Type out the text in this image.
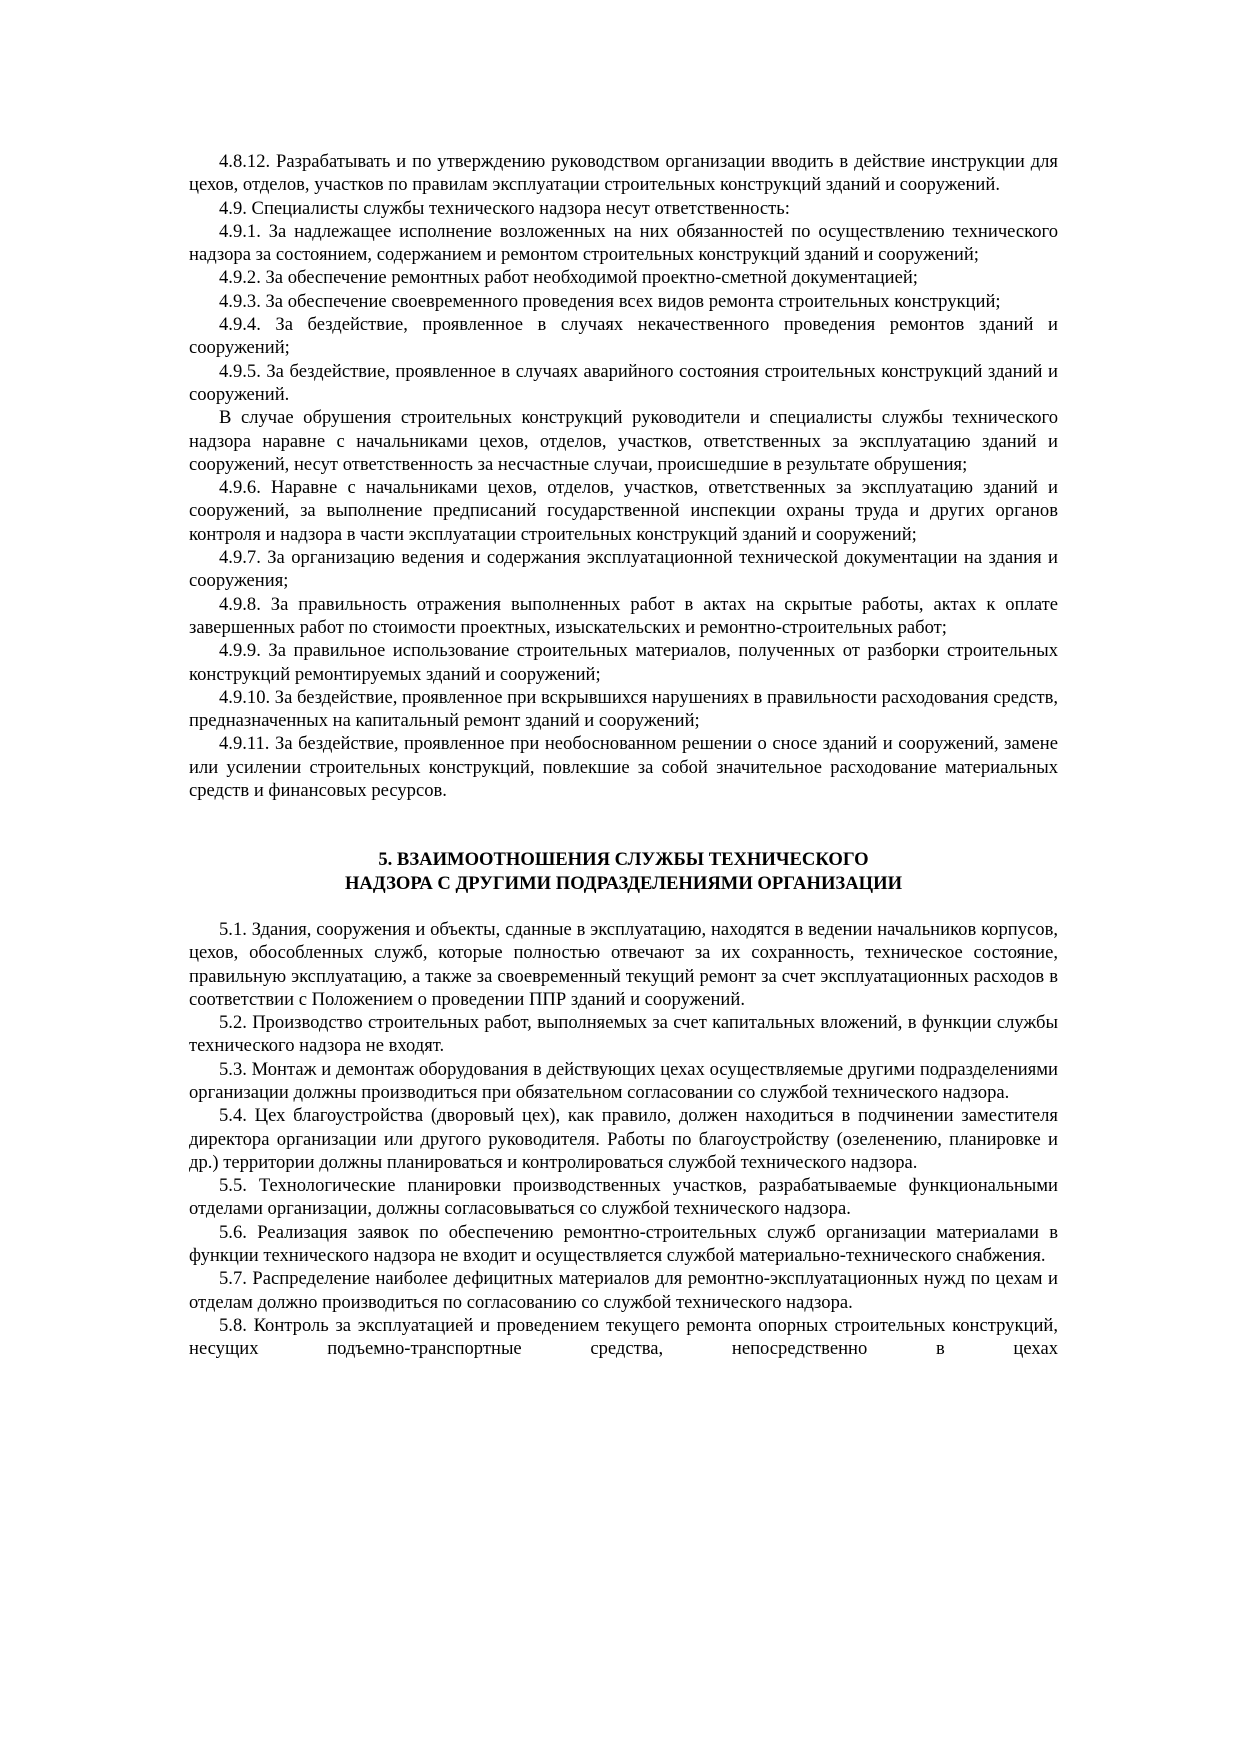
4.8.12. Разрабатывать и по утверждению руководством организации вводить в действие инструкции для цехов, отделов, участков по правилам эксплуатации строительных конструкций зданий и сооружений.

4.9. Специалисты службы технического надзора несут ответственность:

4.9.1. За надлежащее исполнение возложенных на них обязанностей по осуществлению технического надзора за состоянием, содержанием и ремонтом строительных конструкций зданий и сооружений;

4.9.2. За обеспечение ремонтных работ необходимой проектно-сметной документацией;

4.9.3. За обеспечение своевременного проведения всех видов ремонта строительных конструкций;

4.9.4. За бездействие, проявленное в случаях некачественного проведения ремонтов зданий и сооружений;

4.9.5. За бездействие, проявленное в случаях аварийного состояния строительных конструкций зданий и сооружений.

В случае обрушения строительных конструкций руководители и специалисты службы технического надзора наравне с начальниками цехов, отделов, участков, ответственных за эксплуатацию зданий и сооружений, несут ответственность за несчастные случаи, происшедшие в результате обрушения;

4.9.6. Наравне с начальниками цехов, отделов, участков, ответственных за эксплуатацию зданий и сооружений, за выполнение предписаний государственной инспекции охраны труда и других органов контроля и надзора в части эксплуатации строительных конструкций зданий и сооружений;

4.9.7. За организацию ведения и содержания эксплуатационной технической документации на здания и сооружения;

4.9.8. За правильность отражения выполненных работ в актах на скрытые работы, актах к оплате завершенных работ по стоимости проектных, изыскательских и ремонтно-строительных работ;

4.9.9. За правильное использование строительных материалов, полученных от разборки строительных конструкций ремонтируемых зданий и сооружений;

4.9.10. За бездействие, проявленное при вскрывшихся нарушениях в правильности расходования средств, предназначенных на капитальный ремонт зданий и сооружений;

4.9.11. За бездействие, проявленное при необоснованном решении о сносе зданий и сооружений, замене или усилении строительных конструкций, повлекшие за собой значительное расходование материальных средств и финансовых ресурсов.

5. ВЗАИМООТНОШЕНИЯ СЛУЖБЫ ТЕХНИЧЕСКОГО

НАДЗОРА С ДРУГИМИ ПОДРАЗДЕЛЕНИЯМИ ОРГАНИЗАЦИИ

5.1. Здания, сооружения и объекты, сданные в эксплуатацию, находятся в ведении начальников корпусов, цехов, обособленных служб, которые полностью отвечают за их сохранность, техническое состояние, правильную эксплуатацию, а также за своевременный текущий ремонт за счет эксплуатационных расходов в соответствии с Положением о проведении ППР зданий и сооружений.

5.2. Производство строительных работ, выполняемых за счет капитальных вложений, в функции службы технического надзора не входят.

5.3. Монтаж и демонтаж оборудования в действующих цехах осуществляемые другими подразделениями организации должны производиться при обязательном согласовании со службой технического надзора.

5.4. Цех благоустройства (дворовый цех), как правило, должен находиться в подчинении заместителя директора организации или другого руководителя. Работы по благоустройству (озеленению, планировке и др.) территории должны планироваться и контролироваться службой технического надзора.

5.5. Технологические планировки производственных участков, разрабатываемые функциональными отделами организации, должны согласовываться со службой технического надзора.

5.6. Реализация заявок по обеспечению ремонтно-строительных служб организации материалами в функции технического надзора не входит и осуществляется службой материально-технического снабжения.

5.7. Распределение наиболее дефицитных материалов для ремонтно-эксплуатационных нужд по цехам и отделам должно производиться по согласованию со службой технического надзора.

5.8. Контроль за эксплуатацией и проведением текущего ремонта опорных строительных конструкций, несущих подъемно-транспортные средства, непосредственно в цехах
